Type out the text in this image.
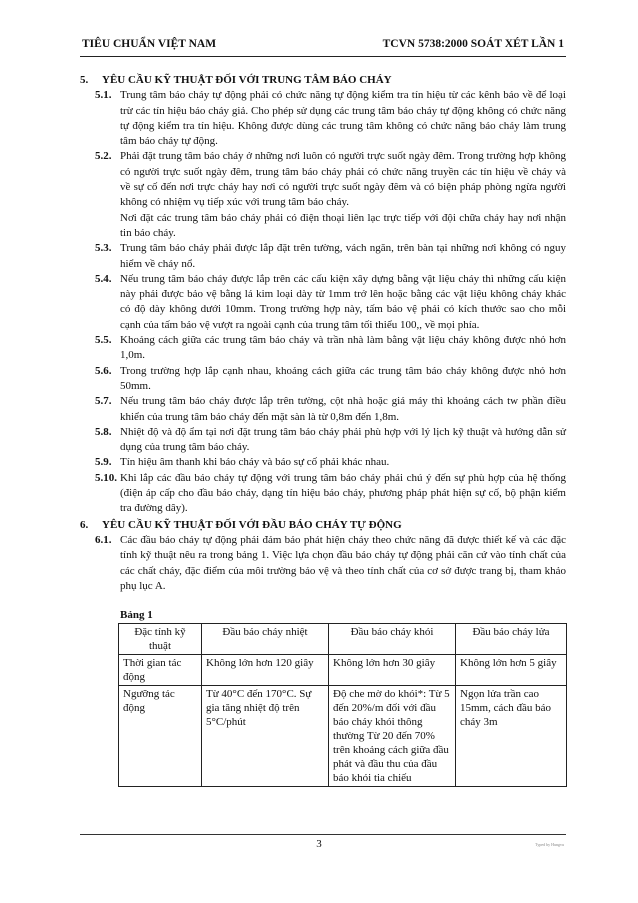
TIÊU CHUẨN VIỆT NAM	TCVN 5738:2000 SOÁT XÉT LẦN 1
5.	YÊU CẦU KỸ THUẬT ĐỐI VỚI TRUNG TÂM BÁO CHÁY
5.1. Trung tâm báo cháy tự động phải có chức năng tự động kiểm tra tín hiệu từ các kênh báo về để loại trừ các tín hiệu báo cháy giả. Cho phép sử dụng các trung tâm báo cháy tự động không có chức năng tự động kiểm tra tín hiệu. Không được dùng các trung tâm không có chức năng báo cháy làm trung tâm báo cháy tự động.
5.2. Phải đặt trung tâm báo cháy ở những nơi luôn có người trực suốt ngày đêm. Trong trường hợp không có người trực suốt ngày đêm, trung tâm báo cháy phải có chức năng truyền các tín hiệu về cháy và về sự cố đến nơi trực cháy hay nơi có người trực suốt ngày đêm và có biện pháp phòng ngừa người không có nhiệm vụ tiếp xúc với trung tâm báo cháy.
Nơi đặt các trung tâm báo cháy phải có điện thoại liên lạc trực tiếp với đội chữa cháy hay nơi nhận tin báo cháy.
5.3. Trung tâm báo cháy phải được lắp đặt trên tường, vách ngăn, trên bàn tại những nơi không có nguy hiểm về cháy nổ.
5.4. Nếu trung tâm báo cháy được lắp trên các cấu kiện xây dựng bằng vật liệu cháy thì những cấu kiện này phải được bảo vệ bằng lá kim loại dày từ 1mm trở lên hoặc bằng các vật liệu không cháy khác có độ dày không dưới 10mm. Trong trường hợp này, tấm bảo vệ phải có kích thước sao cho mỗi cạnh của tấm bảo vệ vượt ra ngoài cạnh của trung tâm tối thiểu 100,, về mọi phía.
5.5. Khoảng cách giữa các trung tâm báo cháy và trần nhà làm bằng vật liệu cháy không được nhỏ hơn 1,0m.
5.6. Trong trường hợp lắp cạnh nhau, khoảng cách giữa các trung tâm báo cháy không được nhỏ hơn 50mm.
5.7. Nếu trung tâm báo cháy được lắp trên tường, cột nhà hoặc giá máy thì khoảng cách tw phần điều khiển của trung tâm báo cháy đến mặt sàn là từ 0,8m đến 1,8m.
5.8. Nhiệt độ và độ ẩm tại nơi đặt trung tâm báo cháy phải phù hợp với lý lịch kỹ thuật và hướng dẫn sử dụng của trung tâm báo cháy.
5.9. Tín hiệu âm thanh khi báo cháy và báo sự cố phải khác nhau.
5.10. Khi lắp các đầu báo cháy tự động với trung tâm báo cháy phải chú ý đến sự phù hợp của hệ thống (điện áp cấp cho đầu báo cháy, dạng tín hiệu báo cháy, phương pháp phát hiện sự cố, bộ phận kiểm tra đường dây).
6.	YÊU CẦU KỸ THUẬT ĐỐI VỚI ĐẦU BÁO CHÁY TỰ ĐỘNG
6.1. Các đầu báo cháy tự động phải đảm bảo phát hiện cháy theo chức năng đã được thiết kế và các đặc tính kỹ thuật nêu ra trong bảng 1. Việc lựa chọn đầu báo cháy tự động phải căn cứ vào tính chất của các chất cháy, đặc điểm của môi trường bảo vệ và theo tính chất của cơ sở được trang bị, tham khảo phụ lục A.
Bảng 1
Đặc tính kỹ thuật	Đầu báo cháy nhiệt	Đầu báo cháy khói	Đầu báo cháy lửa
Thời gian tác động	Không lớn hơn 120 giây	Không lớn hơn 30 giây	Không lớn hơn 5 giây
Ngưỡng tác động	Từ 40°C đến 170°C. Sự gia tăng nhiệt độ trên 5°C/phút	Độ che mờ do khói*: Từ 5 đến 20%/m đối với đầu báo cháy khói thông thường Từ 20 đến 70% trên khoảng cách giữa đầu phát và đầu thu của đầu báo khói tia chiếu	Ngọn lửa trần cao 15mm, cách đầu báo cháy 3m
3	Typed by Hungvu
